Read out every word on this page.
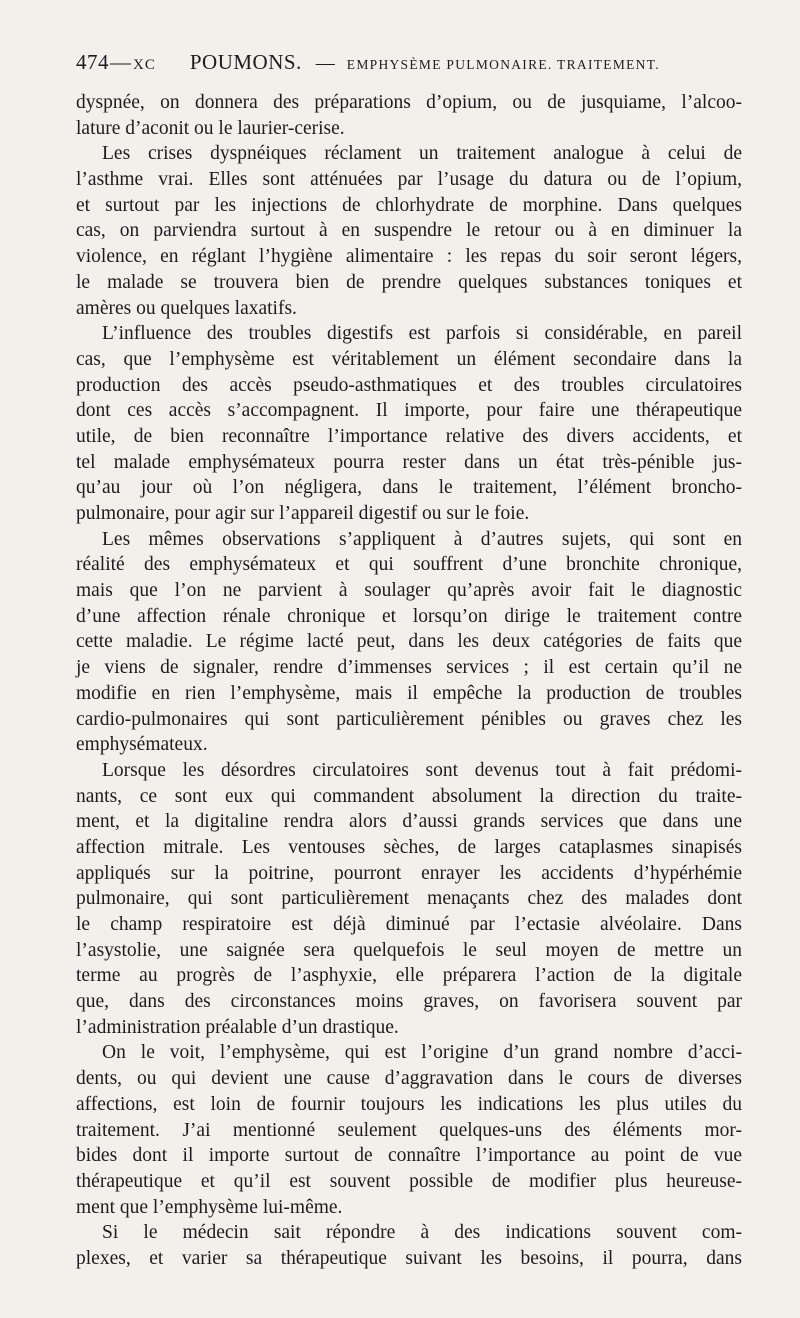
474 — XC POUMONS. — EMPHYSÈME PULMONAIRE. TRAITEMENT.
dyspnée, on donnera des préparations d’opium, ou de jusquiame, l’alcoo-
lature d’aconit ou le laurier-cerise.
Les crises dyspnéiques réclament un traitement analogue à celui de
l’asthme vrai. Elles sont atténuées par l’usage du datura ou de l’opium,
et surtout par les injections de chlorhydrate de morphine. Dans quelques
cas, on parviendra surtout à en suspendre le retour ou à en diminuer la
violence, en réglant l’hygiène alimentaire : les repas du soir seront légers,
le malade se trouvera bien de prendre quelques substances toniques et
amères ou quelques laxatifs.
L’influence des troubles digestifs est parfois si considérable, en pareil
cas, que l’emphysème est véritablement un élément secondaire dans la
production des accès pseudo-asthmatiques et des troubles circulatoires
dont ces accès s’accompagnent. Il importe, pour faire une thérapeutique
utile, de bien reconnaître l’importance relative des divers accidents, et
tel malade emphysémateux pourra rester dans un état très-pénible jus-
qu’au jour où l’on négligera, dans le traitement, l’élément broncho-
pulmonaire, pour agir sur l’appareil digestif ou sur le foie.
Les mêmes observations s’appliquent à d’autres sujets, qui sont en
réalité des emphysémateux et qui souffrent d’une bronchite chronique,
mais que l’on ne parvient à soulager qu’après avoir fait le diagnostic
d’une affection rénale chronique et lorsqu’on dirige le traitement contre
cette maladie. Le régime lacté peut, dans les deux catégories de faits que
je viens de signaler, rendre d’immenses services ; il est certain qu’il ne
modifie en rien l’emphysème, mais il empêche la production de troubles
cardio-pulmonaires qui sont particulièrement pénibles ou graves chez les
emphysémateux.
Lorsque les désordres circulatoires sont devenus tout à fait prédomi-
nants, ce sont eux qui commandent absolument la direction du traite-
ment, et la digitaline rendra alors d’aussi grands services que dans une
affection mitrale. Les ventouses sèches, de larges cataplasmes sinapisés
appliqués sur la poitrine, pourront enrayer les accidents d’hypérhémie
pulmonaire, qui sont particulièrement menaçants chez des malades dont
le champ respiratoire est déjà diminué par l’ectasie alvéolaire. Dans
l’asystolie, une saignée sera quelquefois le seul moyen de mettre un
terme au progrès de l’asphyxie, elle préparera l’action de la digitale
que, dans des circonstances moins graves, on favorisera souvent par
l’administration préalable d’un drastique.
On le voit, l’emphysème, qui est l’origine d’un grand nombre d’acci-
dents, ou qui devient une cause d’aggravation dans le cours de diverses
affections, est loin de fournir toujours les indications les plus utiles du
traitement. J’ai mentionné seulement quelques-uns des éléments mor-
bides dont il importe surtout de connaître l’importance au point de vue
thérapeutique et qu’il est souvent possible de modifier plus heureuse-
ment que l’emphysème lui-même.
Si le médecin sait répondre à des indications souvent com-
plexes, et varier sa thérapeutique suivant les besoins, il pourra, dans
